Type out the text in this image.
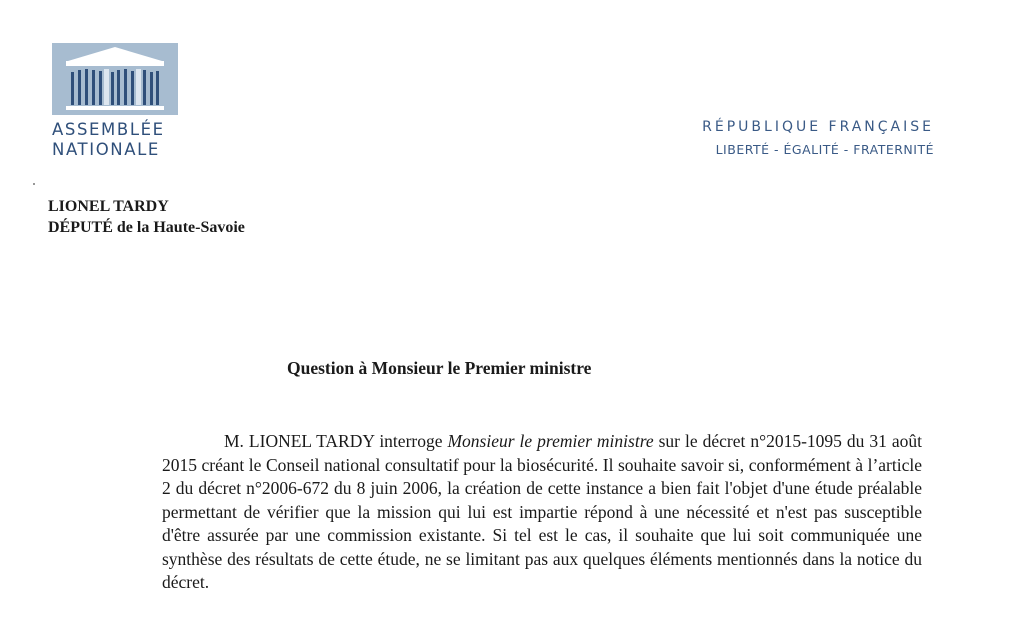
ASSEMBLÉE
NATIONALE
RÉPUBLIQUE FRANÇAISE
LIBERTÉ - ÉGALITÉ - FRATERNITÉ
LIONEL TARDY
DÉPUTÉ de la Haute-Savoie
Question à Monsieur le Premier ministre

M. LIONEL TARDY interroge Monsieur le premier ministre sur le décret n°2015-1095 du 31 août 2015 créant le Conseil national consultatif pour la biosécurité. Il souhaite savoir si, conformément à l’article 2 du décret n°2006-672 du 8 juin 2006, la création de cette instance a bien fait l'objet d'une étude préalable permettant de vérifier que la mission qui lui est impartie répond à une nécessité et n'est pas susceptible d'être assurée par une commission existante. Si tel est le cas, il souhaite que lui soit communiquée une synthèse des résultats de cette étude, ne se limitant pas aux quelques éléments mentionnés dans la notice du décret.
